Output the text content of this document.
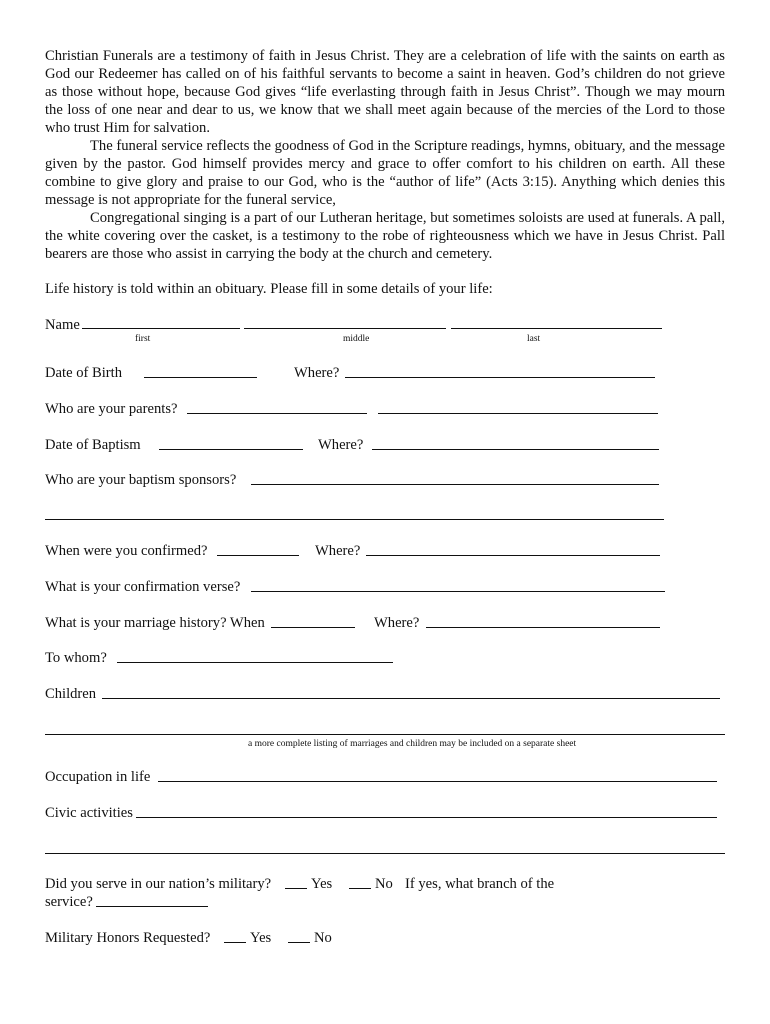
Christian Funerals are a testimony of faith in Jesus Christ. They are a celebration of life with the saints on earth as God our Redeemer has called on of his faithful servants to become a saint in heaven. God’s children do not grieve as those without hope, because God gives “life everlasting through faith in Jesus Christ”. Though we may mourn the loss of one near and dear to us, we know that we shall meet again because of the mercies of the Lord to those who trust Him for salvation.

The funeral service reflects the goodness of God in the Scripture readings, hymns, obituary, and the message given by the pastor. God himself provides mercy and grace to offer comfort to his children on earth. All these combine to give glory and praise to our God, who is the “author of life” (Acts 3:15). Anything which denies this message is not appropriate for the funeral service,

Congregational singing is a part of our Lutheran heritage, but sometimes soloists are used at funerals. A pall, the white covering over the casket, is a testimony to the robe of righteousness which we have in Jesus Christ. Pall bearers are those who assist in carrying the body at the church and cemetery.

Life history is told within an obituary. Please fill in some details of your life:
Name
first	middle	last
Date of Birth	Where?
Who are your parents?
Date of Baptism	Where?
Who are your baptism sponsors?
When were you confirmed?	Where?
What is your confirmation verse?
What is your marriage history? When	Where?
To whom?
Children
a more complete listing of marriages and children may be included on a separate sheet
Occupation in life
Civic activities
Did you serve in our nation’s military?	Yes	No If yes, what branch of the
service?
Military Honors Requested?	Yes	No
